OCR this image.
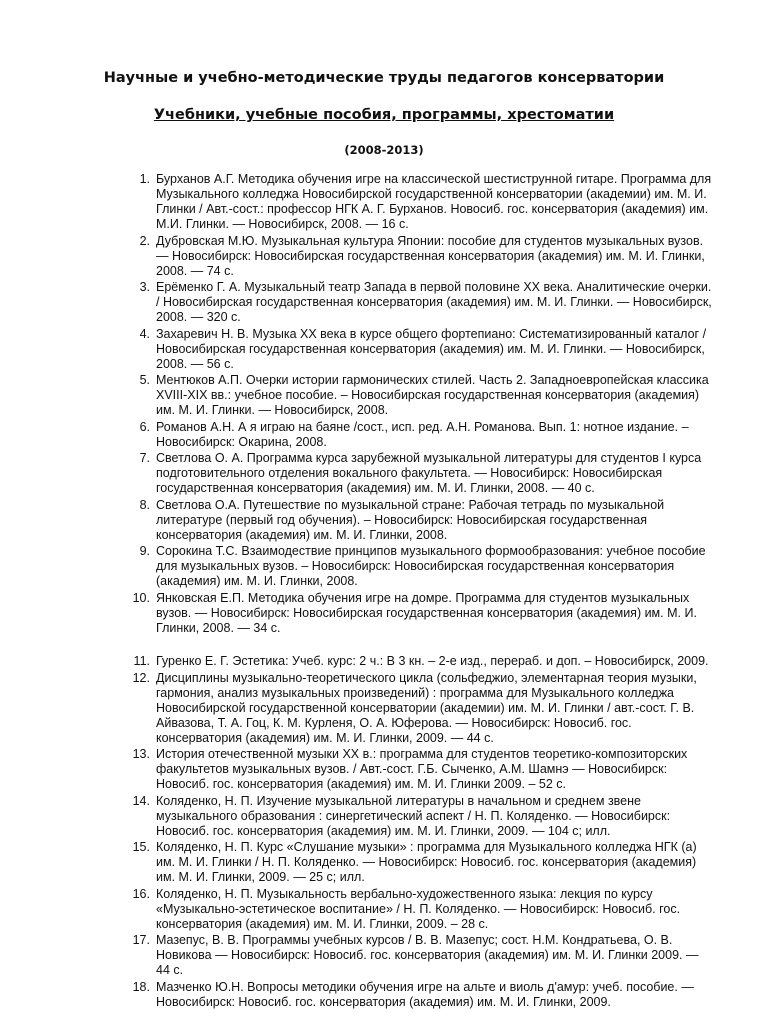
Научные и учебно-методические труды педагогов консерватории
Учебники, учебные пособия, программы, хрестоматии
(2008-2013)
1. Бурханов А.Г. Методика обучения игре на классической шестиструнной гитаре. Программа для Музыкального колледжа Новосибирской государственной консерватории (академии) им. М. И. Глинки / Авт.-сост.: профессор НГК А. Г. Бурханов. Новосиб. гос. консерватория (академия) им. М.И. Глинки. — Новосибирск, 2008. — 16 с.
2. Дубровская М.Ю. Музыкальная культура Японии: пособие для студентов музыкальных вузов. — Новосибирск: Новосибирская государственная консерватория (академия) им. М. И. Глинки, 2008. — 74 с.
3. Ерёменко Г. А. Музыкальный театр Запада в первой половине XX века. Аналитические очерки. / Новосибирская государственная консерватория (академия) им. М. И. Глинки. — Новосибирск, 2008. — 320 с.
4. Захаревич Н. В. Музыка ХХ века в курсе общего фортепиано: Систематизированный каталог / Новосибирская государственная консерватория (академия) им. М. И. Глинки. — Новосибирск, 2008. — 56 с.
5. Ментюков А.П. Очерки истории гармонических стилей. Часть 2. Западноевропейская классика XVIII-XIX вв.: учебное пособие. – Новосибирская государственная консерватория (академия) им. М. И. Глинки. — Новосибирск, 2008.
6. Романов А.Н. А я играю на баяне /сост., исп. ред. А.Н. Романова. Вып. 1: нотное издание. – Новосибирск: Окарина, 2008.
7. Светлова О. А. Программа курса зарубежной музыкальной литературы для студентов I курса подготовительного отделения вокального факультета. — Новосибирск: Новосибирская государственная консерватория (академия) им. М. И. Глинки, 2008. — 40 с.
8. Светлова О.А. Путешествие по музыкальной стране: Рабочая тетрадь по музыкальной литературе (первый год обучения). – Новосибирск: Новосибирская государственная консерватория (академия) им. М. И. Глинки, 2008.
9. Сорокина Т.С. Взаимодествие принципов музыкального формообразования: учебное пособие для музыкальных вузов. – Новосибирск: Новосибирская государственная консерватория (академия) им. М. И. Глинки, 2008.
10. Янковская Е.П. Методика обучения игре на домре. Программа для студентов музыкальных вузов. — Новосибирск: Новосибирская государственная консерватория (академия) им. М. И. Глинки, 2008. — 34 с.
11. Гуренко Е. Г. Эстетика: Учеб. курс: 2 ч.: В 3 кн. – 2-е изд., перераб. и доп. – Новосибирск, 2009.
12. Дисциплины музыкально-теоретического цикла (сольфеджио, элементарная теория музыки, гармония, анализ музыкальных произведений) : программа для Музыкального колледжа Новосибирской государственной консерватории (академии) им. М. И. Глинки / авт.-сост. Г. В. Айвазова, Т. А. Гоц, К. М. Курленя, О. А. Юферова. — Новосибирск: Новосиб. гос. консерватория (академия) им. М. И. Глинки, 2009. — 44 с.
13. История отечественной музыки XX в.: программа для студентов теоретико-композиторских факультетов музыкальных вузов. / Авт.-сост. Г.Б. Сыченко, А.М. Шамнэ — Новосибирск: Новосиб. гос. консерватория (академия) им. М. И. Глинки 2009. – 52 с.
14. Коляденко, Н. П. Изучение музыкальной литературы в начальном и среднем звене музыкального образования : синергетический аспект / Н. П. Коляденко. — Новосибирск: Новосиб. гос. консерватория (академия) им. М. И. Глинки, 2009. — 104 с; илл.
15. Коляденко, Н. П. Курс «Слушание музыки» : программа для Музыкального колледжа НГК (а) им. М. И. Глинки / Н. П. Коляденко. — Новосибирск: Новосиб. гос. консерватория (академия) им. М. И. Глинки, 2009. — 25 с; илл.
16. Коляденко, Н. П. Музыкальность вербально-художественного языка: лекция по курсу «Музыкально-эстетическое воспитание» / Н. П. Коляденко. — Новосибирск: Новосиб. гос. консерватория (академия) им. М. И. Глинки, 2009. – 28 с.
17. Мазепус, В. В. Программы учебных курсов / В. В. Мазепус; сост. Н.М. Кондратьева, О. В. Новикова — Новосибирск: Новосиб. гос. консерватория (академия) им. М. И. Глинки 2009. — 44 с.
18. Мазченко Ю.Н. Вопросы методики обучения игре на альте и виоль д'амур: учеб. пособие. — Новосибирск: Новосиб. гос. консерватория (академия) им. М. И. Глинки, 2009.
